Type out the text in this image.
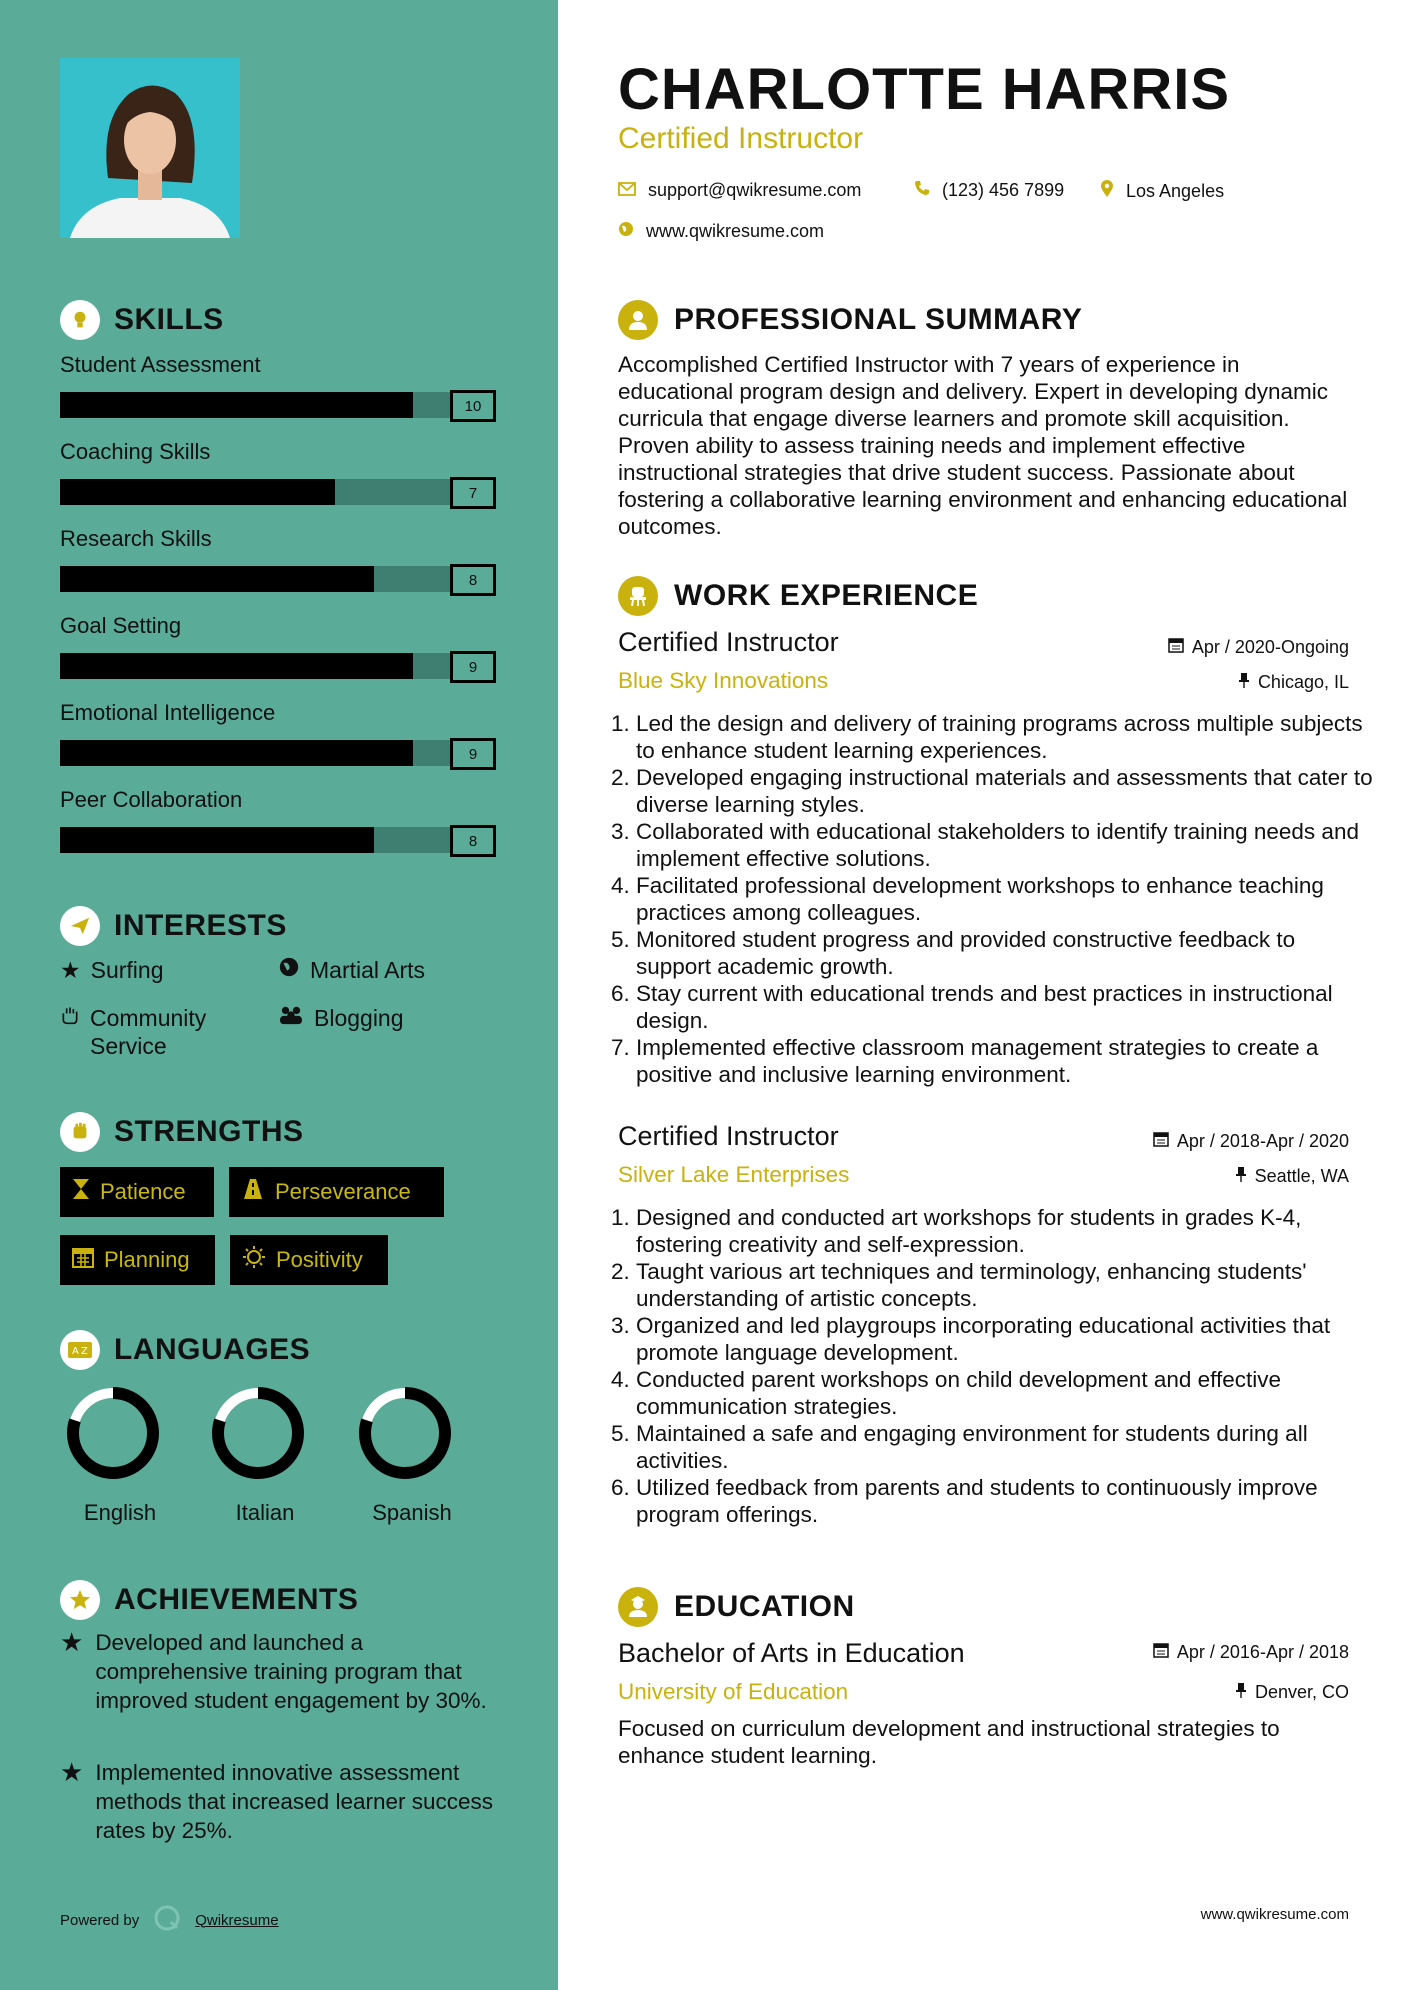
SKILLS
Student Assessment
10
Coaching Skills
7
Research Skills
8
Goal Setting
9
Emotional Intelligence
9
Peer Collaboration
8
INTERESTS
★ Surfing	Martial Arts
Community Service
Blogging
STRENGTHS
Patience	Perseverance
Planning	Positivity
A Z LANGUAGES
English	Italian	Spanish
ACHIEVEMENTS
★ Developed and launched a comprehensive training program that improved student engagement by 30%.
★ Implemented innovative assessment methods that increased learner success rates by 25%.
Powered by	Qwikresume
CHARLOTTE HARRIS
Certified Instructor
support@qwikresume.com	(123) 456 7899	Los Angeles
www.qwikresume.com
PROFESSIONAL SUMMARY
Accomplished Certified Instructor with 7 years of experience in educational program design and delivery. Expert in developing dynamic curricula that engage diverse learners and promote skill acquisition. Proven ability to assess training needs and implement effective instructional strategies that drive student success. Passionate about fostering a collaborative learning environment and enhancing educational outcomes.
WORK EXPERIENCE
Certified Instructor	Apr / 2020-Ongoing
Blue Sky Innovations	Chicago, IL
1. Led the design and delivery of training programs across multiple subjects to enhance student learning experiences.
2. Developed engaging instructional materials and assessments that cater to diverse learning styles.
3. Collaborated with educational stakeholders to identify training needs and implement effective solutions.
4. Facilitated professional development workshops to enhance teaching practices among colleagues.
5. Monitored student progress and provided constructive feedback to support academic growth.
6. Stay current with educational trends and best practices in instructional design.
7. Implemented effective classroom management strategies to create a positive and inclusive learning environment.
Certified Instructor	Apr / 2018-Apr / 2020
Silver Lake Enterprises	Seattle, WA
1. Designed and conducted art workshops for students in grades K-4, fostering creativity and self-expression.
2. Taught various art techniques and terminology, enhancing students' understanding of artistic concepts.
3. Organized and led playgroups incorporating educational activities that promote language development.
4. Conducted parent workshops on child development and effective communication strategies.
5. Maintained a safe and engaging environment for students during all activities.
6. Utilized feedback from parents and students to continuously improve program offerings.
EDUCATION
Bachelor of Arts in Education	Apr / 2016-Apr / 2018
University of Education	Denver, CO
Focused on curriculum development and instructional strategies to enhance student learning.
www.qwikresume.com
